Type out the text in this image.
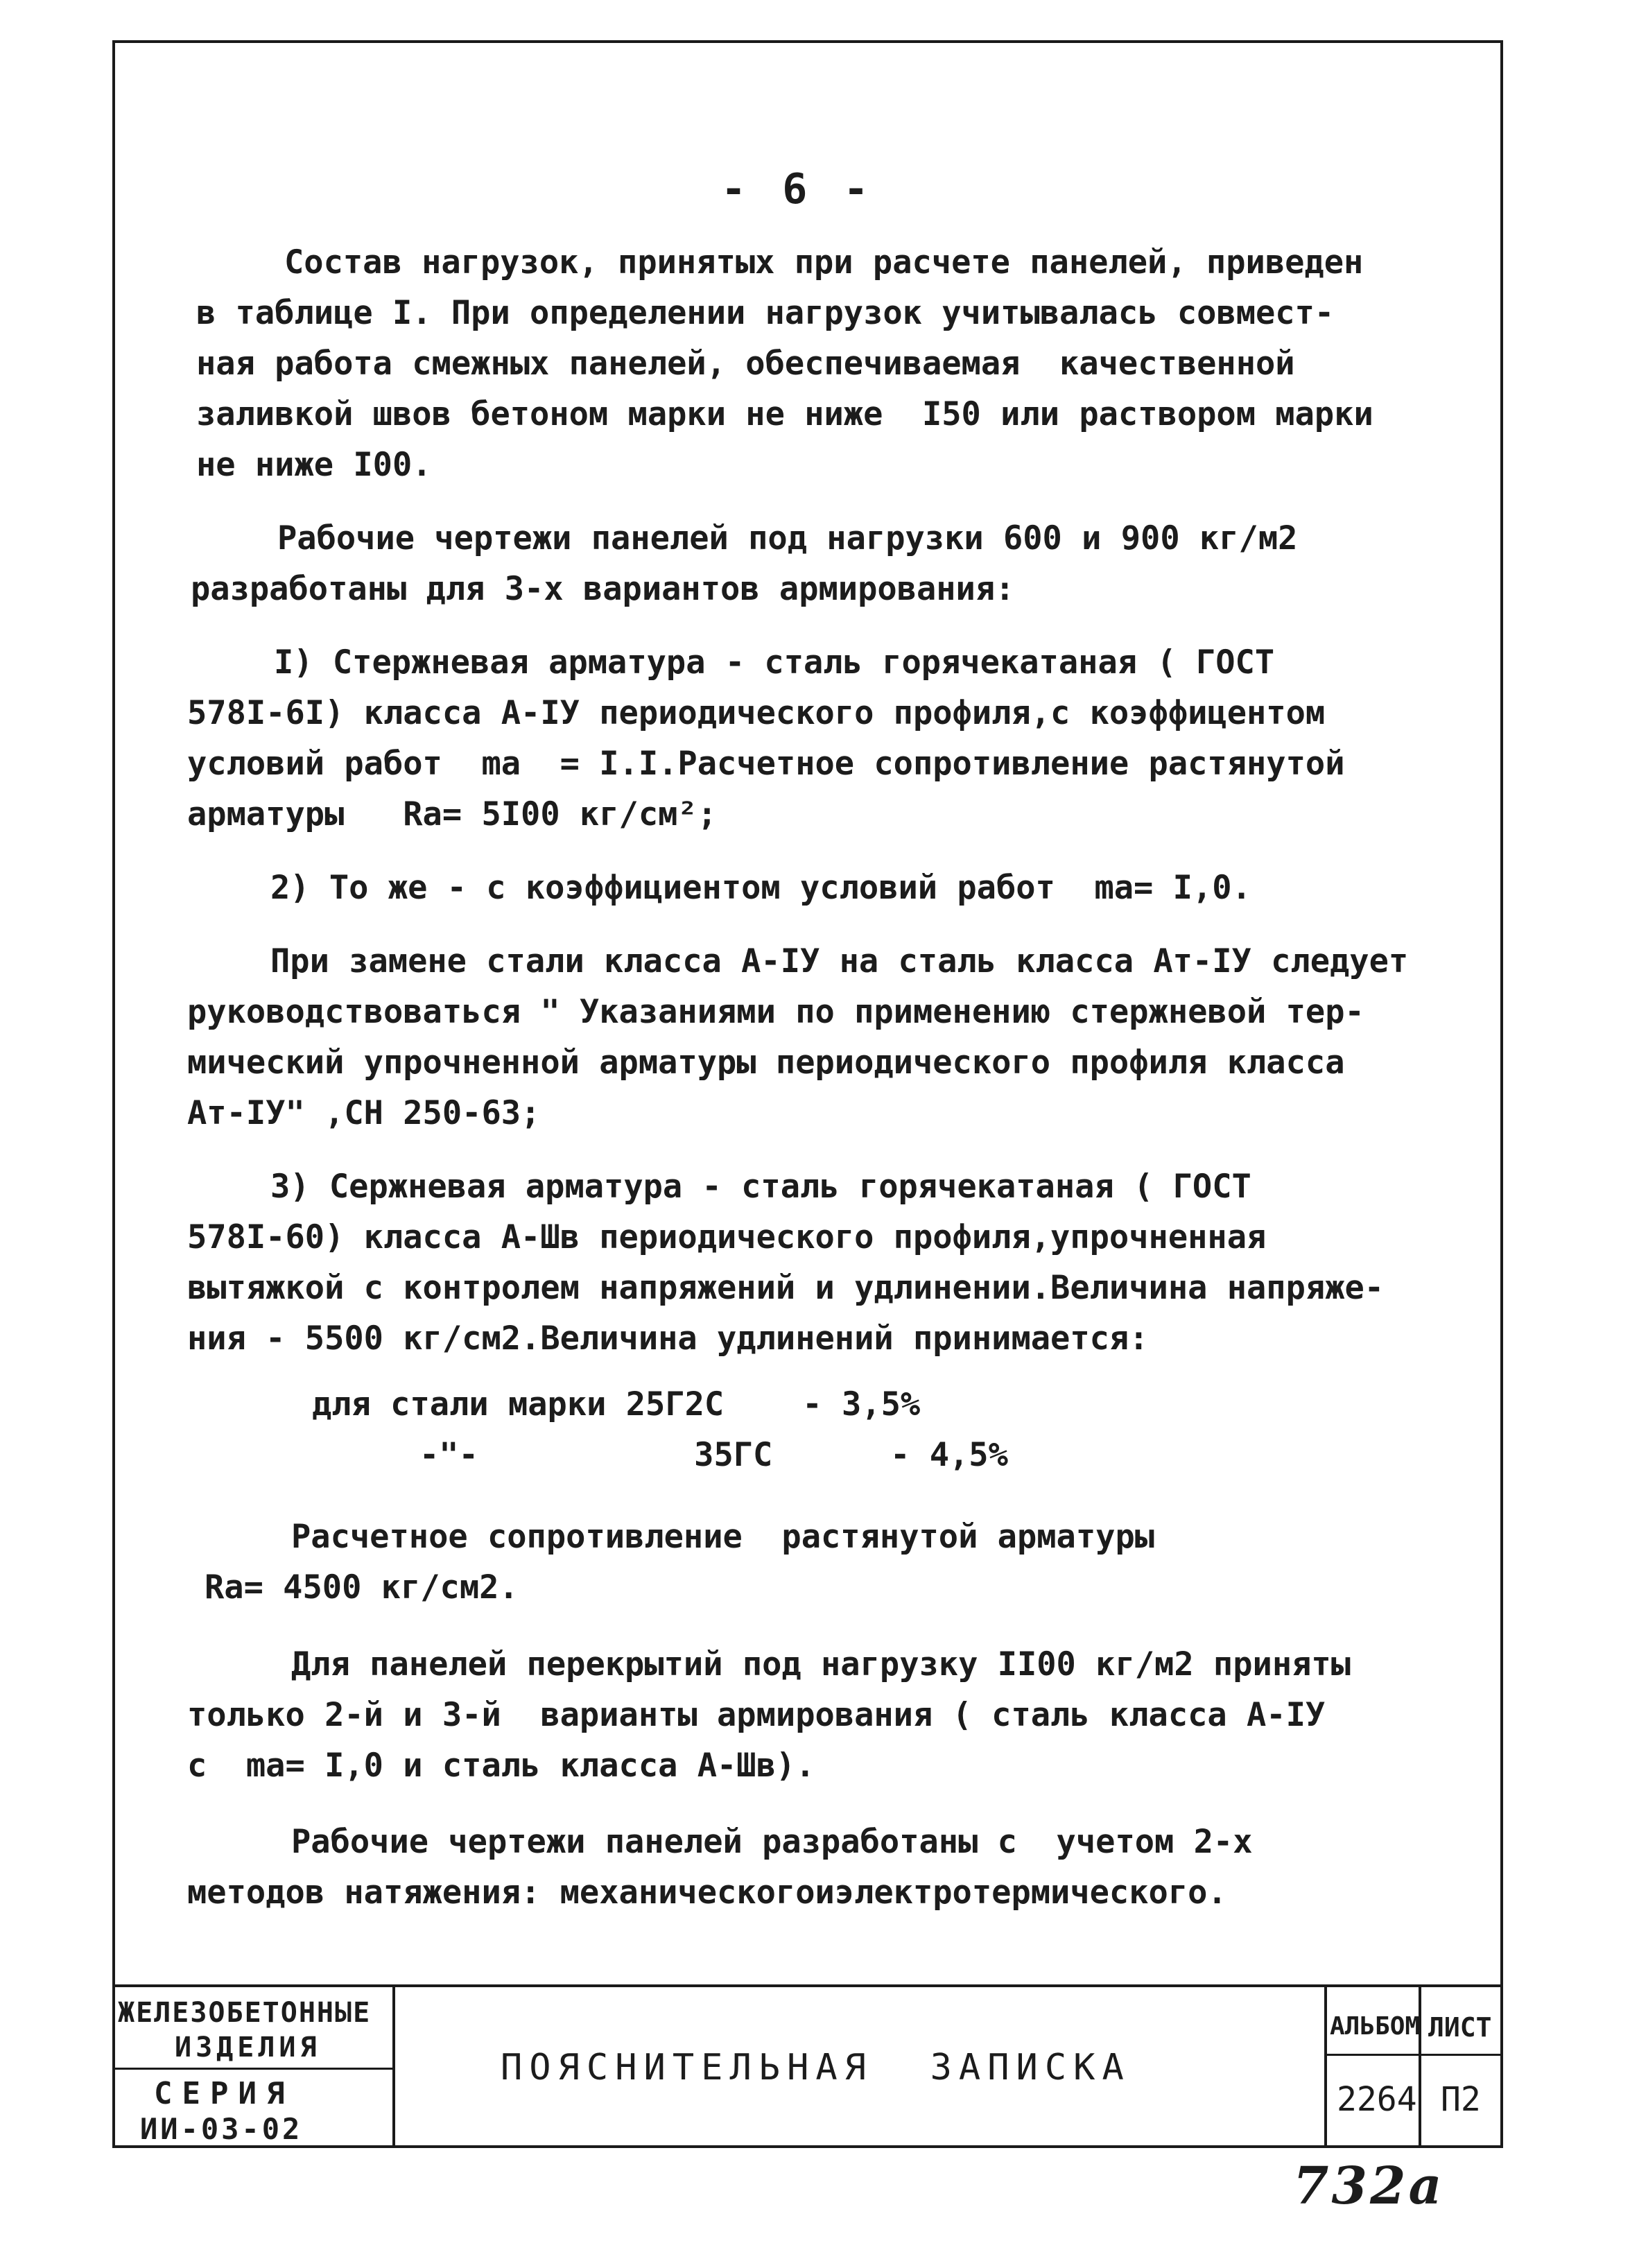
- 6 -
Состав нагрузок, принятых при расчете панелей, приведен
в таблице I. При определении нагрузок учитывалась совмест-
ная работа смежных панелей, обеспечиваемая  качественной
заливкой швов бетоном марки не ниже  I50 или раствором марки
не ниже I00.
Рабочие чертежи панелей под нагрузки 600 и 900 кг/м2
разработаны для 3-х вариантов армирования:
I) Стержневая арматура - сталь горячекатаная ( ГОСТ
578I-6I) класса А-IУ периодического профиля,с коэффицентом
условий работ  mа  = I.I.Расчетное сопротивление растянутой
арматуры   Rа= 5I00 кг/см²;
2) То же - с коэффициентом условий работ  mа= I,0.
При замене стали класса А-IУ на сталь класса Ат-IУ следует
руководствоваться " Указаниями по применению стержневой тер-
мический упрочненной арматуры периодического профиля класса
Ат-IУ" ,СН 250-63;
3) Сержневая арматура - сталь горячекатаная ( ГОСТ
578I-60) класса А-Шв периодического профиля,упрочненная
вытяжкой с контролем напряжений и удлинении.Величина напряже-
ния - 5500 кг/см2.Величина удлинений принимается:
для стали марки 25Г2С    - 3,5%
-"-           35ГС      - 4,5%
Расчетное сопротивление  растянутой арматуры
Rа= 4500 кг/см2.
Для панелей перекрытий под нагрузку II00 кг/м2 приняты
только 2-й и 3-й  варианты армирования ( сталь класса А-IУ
с  mа= I,0 и сталь класса А-Шв).
Рабочие чертежи панелей разработаны с  учетом 2-х
методов натяжения: механическогоиэлектротермического.
ЖЕЛЕЗОБЕТОННЫЕ
ИЗДЕЛИЯ
СЕРИЯ
ИИ-03-02
ПОЯСНИТЕЛЬНАЯ  ЗАПИСКА
АЛЬБОМ ЛИСТ
2264 П2
732а
